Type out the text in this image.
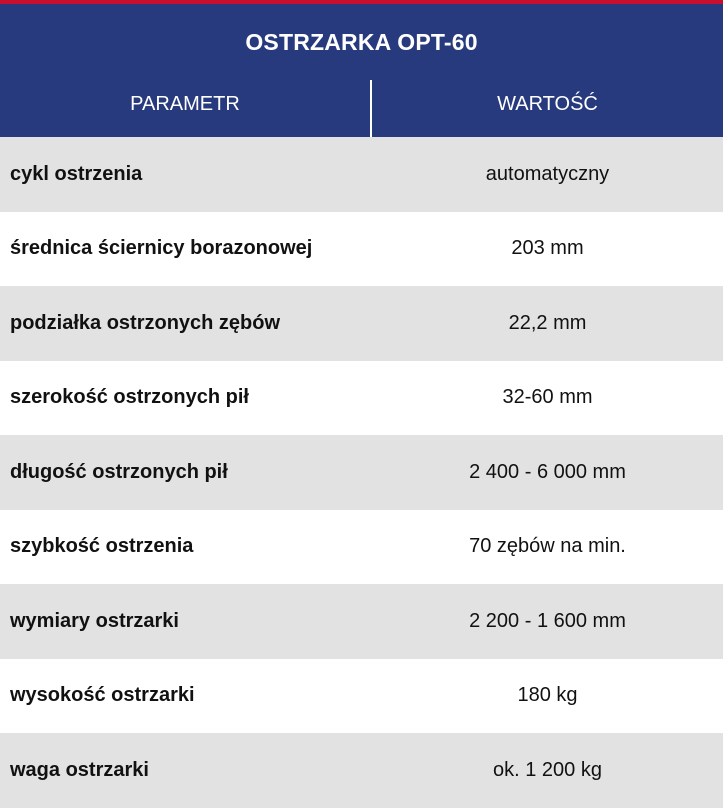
OSTRZARKA OPT-60
PARAMETR	WARTOŚĆ
cykl ostrzenia	automatyczny
średnica ściernicy borazonowej	203 mm
podziałka ostrzonych zębów	22,2 mm
szerokość ostrzonych pił	32-60 mm
długość ostrzonych pił	2 400 - 6 000 mm
szybkość ostrzenia	70 zębów na min.
wymiary ostrzarki	2 200 - 1 600 mm
wysokość ostrzarki	180 kg
waga ostrzarki	ok. 1 200 kg
